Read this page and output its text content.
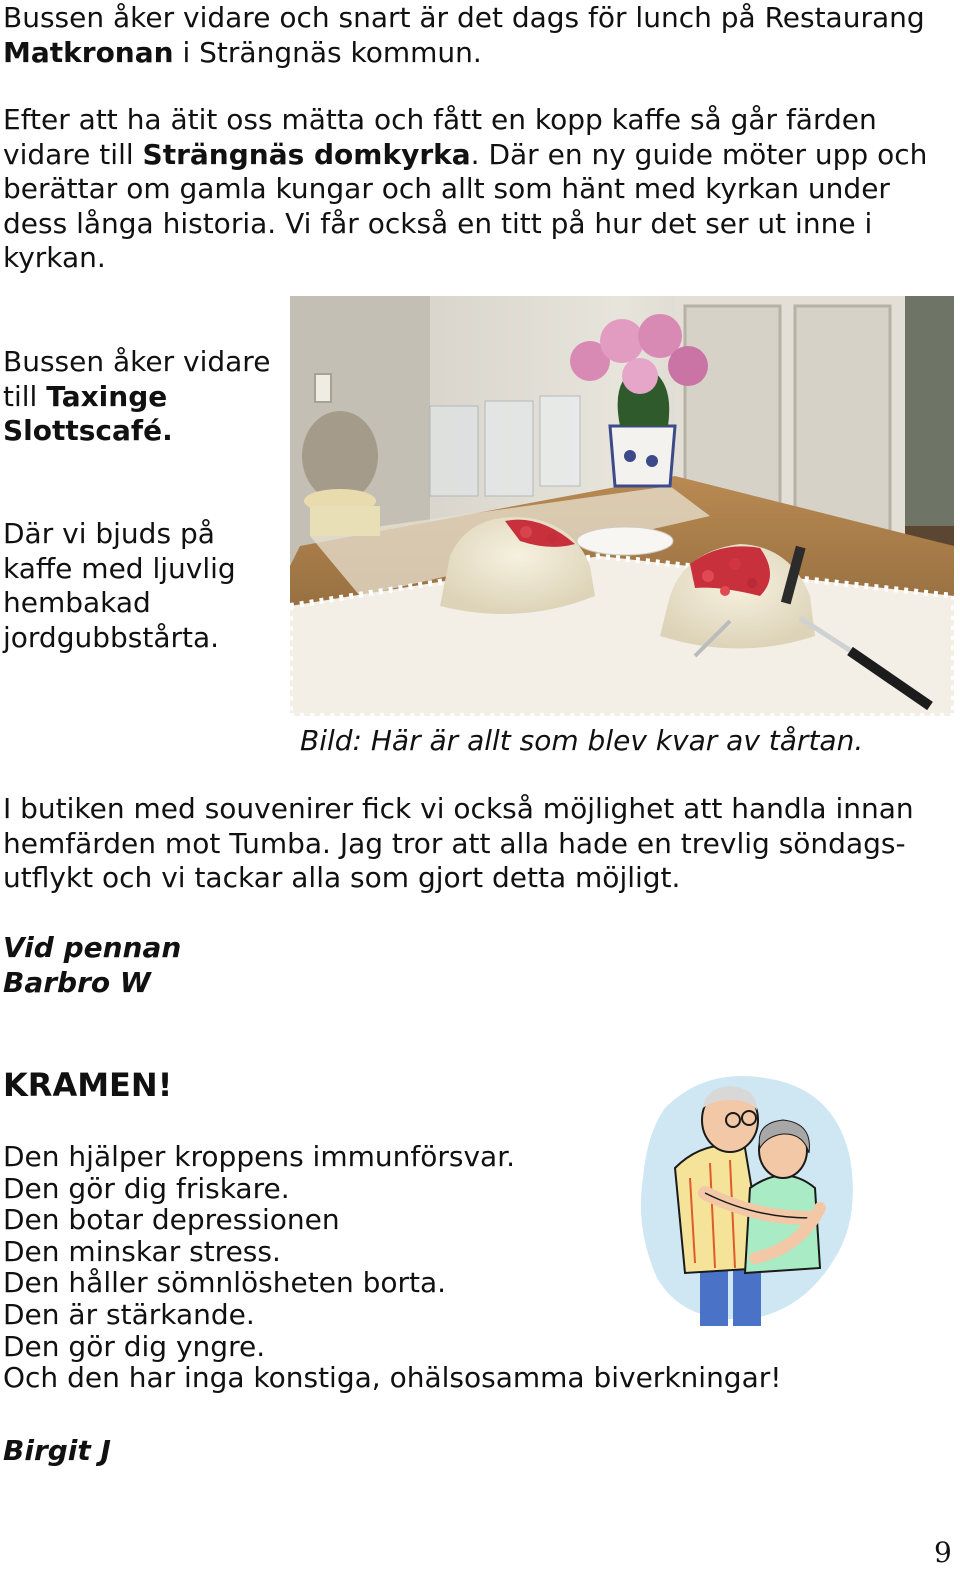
Bussen åker vidare och snart är det dags för lunch på Restaurang Matkronan i Strängnäs kommun.

Efter att ha ätit oss mätta och fått en kopp kaffe så går färden vidare till Strängnäs domkyrka. Där en ny guide möter upp och berättar om gamla kungar och allt som hänt med kyrkan under dess långa historia. Vi får också en titt på hur det ser ut inne i kyrkan.

Bussen åker vidare till Taxinge Slottscafé.

Där vi bjuds på kaffe med ljuvlig hembakad jordgubbstårta.

Bild: Här är allt som blev kvar av tårtan.

I butiken med souvenirer fick vi också möjlighet att handla innan hemfärden mot Tumba. Jag tror att alla hade en trevlig söndags-utflykt och vi tackar alla som gjort detta möjligt.

Vid pennan
Barbro W
KRAMEN!
Den hjälper kroppens immunförsvar.
Den gör dig friskare.
Den botar depressionen
Den minskar stress.
Den håller sömnlösheten borta.
Den är stärkande.
Den gör dig yngre.
Och den har inga konstiga, ohälsosamma biverkningar!
Birgit J
9
